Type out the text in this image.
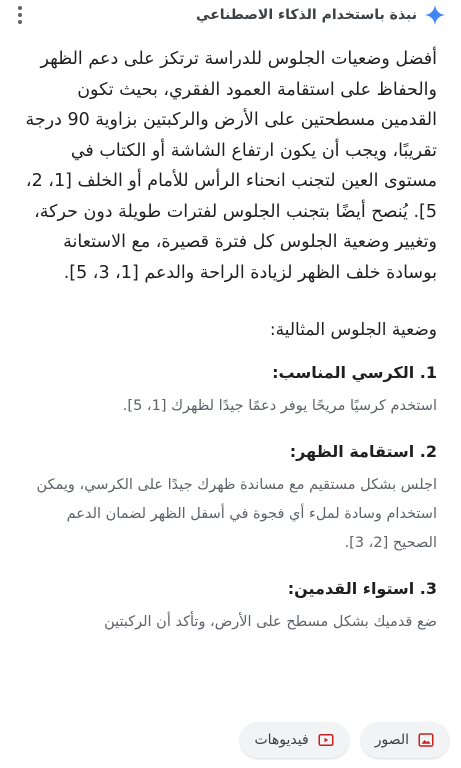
نبذة باستخدام الذكاء الاصطناعي

أفضل وضعيات الجلوس للدراسة ترتكز على دعم الظهر والحفاظ على استقامة العمود الفقري، بحيث تكون القدمين مسطحتين على الأرض والركبتين بزاوية 90 درجة تقريبًا، ويجب أن يكون ارتفاع الشاشة أو الكتاب في مستوى العين لتجنب انحناء الرأس للأمام أو الخلف [1، 2، 5]. يُنصح أيضًا بتجنب الجلوس لفترات طويلة دون حركة، وتغيير وضعية الجلوس كل فترة قصيرة، مع الاستعانة بوسادة خلف الظهر لزيادة الراحة والدعم [1، 3، 5].

وضعية الجلوس المثالية:

1. الكرسي المناسب:

استخدم كرسيًا مريحًا يوفر دعمًا جيدًا لظهرك [1، 5].

2. استقامة الظهر:

اجلس بشكل مستقيم مع مساندة ظهرك جيدًا على الكرسي، ويمكن استخدام وسادة لملء أي فجوة في أسفل الظهر لضمان الدعم الصحيح [2، 3].

3. استواء القدمين:

ضع قدميك بشكل مسطح على الأرض، وتأكد أن الركبتين

الصور
فيديوهات
